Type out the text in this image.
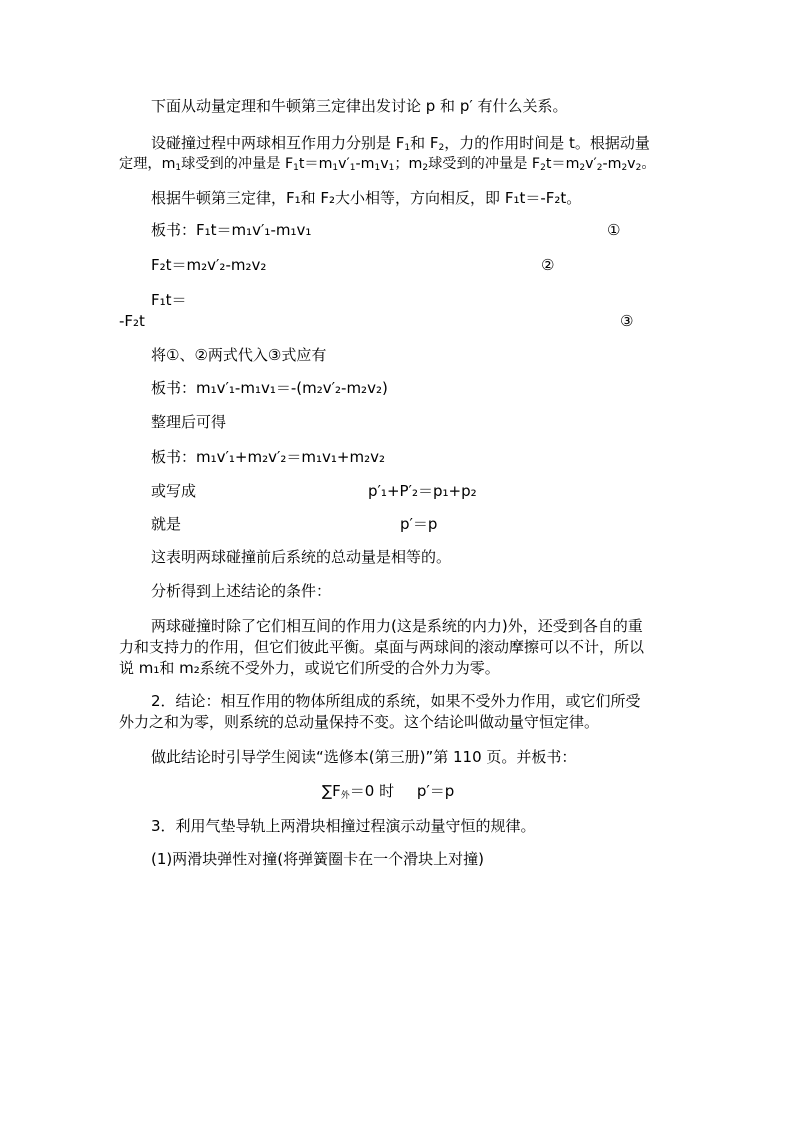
下面从动量定理和牛顿第三定律出发讨论 p 和 p′ 有什么关系。
设碰撞过程中两球相互作用力分别是 $F_1$和 $F_2$，力的作用时间是 t。根据动量
定理，$m_1$球受到的冲量是 $F_1t=m_1v'_1-m_1v_1$；$m_2$球受到的冲量是 $F_2t=m_2v'_2-m_2v_2$。
根据牛顿第三定律，F₁和 F₂大小相等，方向相反，即 F₁t＝-F₂t。
板书：F₁t＝m₁v′₁-m₁v₁	①
F₂t＝m₂v′₂-m₂v₂	②
F₁t＝
-F₂t	③
将①、②两式代入③式应有
板书：m₁v′₁-m₁v₁＝-(m₂v′₂-m₂v₂)
整理后可得
板书：m₁v′₁+m₂v′₂＝m₁v₁+m₂v₂
或写成	p′₁+P′₂＝p₁+p₂
就是	p′＝p
这表明两球碰撞前后系统的总动量是相等的。
分析得到上述结论的条件：
两球碰撞时除了它们相互间的作用力(这是系统的内力)外，还受到各自的重
力和支持力的作用，但它们彼此平衡。桌面与两球间的滚动摩擦可以不计，所以
说 m₁和 m₂系统不受外力，或说它们所受的合外力为零。
2．结论：相互作用的物体所组成的系统，如果不受外力作用，或它们所受
外力之和为零，则系统的总动量保持不变。这个结论叫做动量守恒定律。
做此结论时引导学生阅读“选修本(第三册)”第 110 页。并板书：
$\sum F_外=0$ 时 p′＝p
3．利用气垫导轨上两滑块相撞过程演示动量守恒的规律。
(1)两滑块弹性对撞(将弹簧圈卡在一个滑块上对撞)
